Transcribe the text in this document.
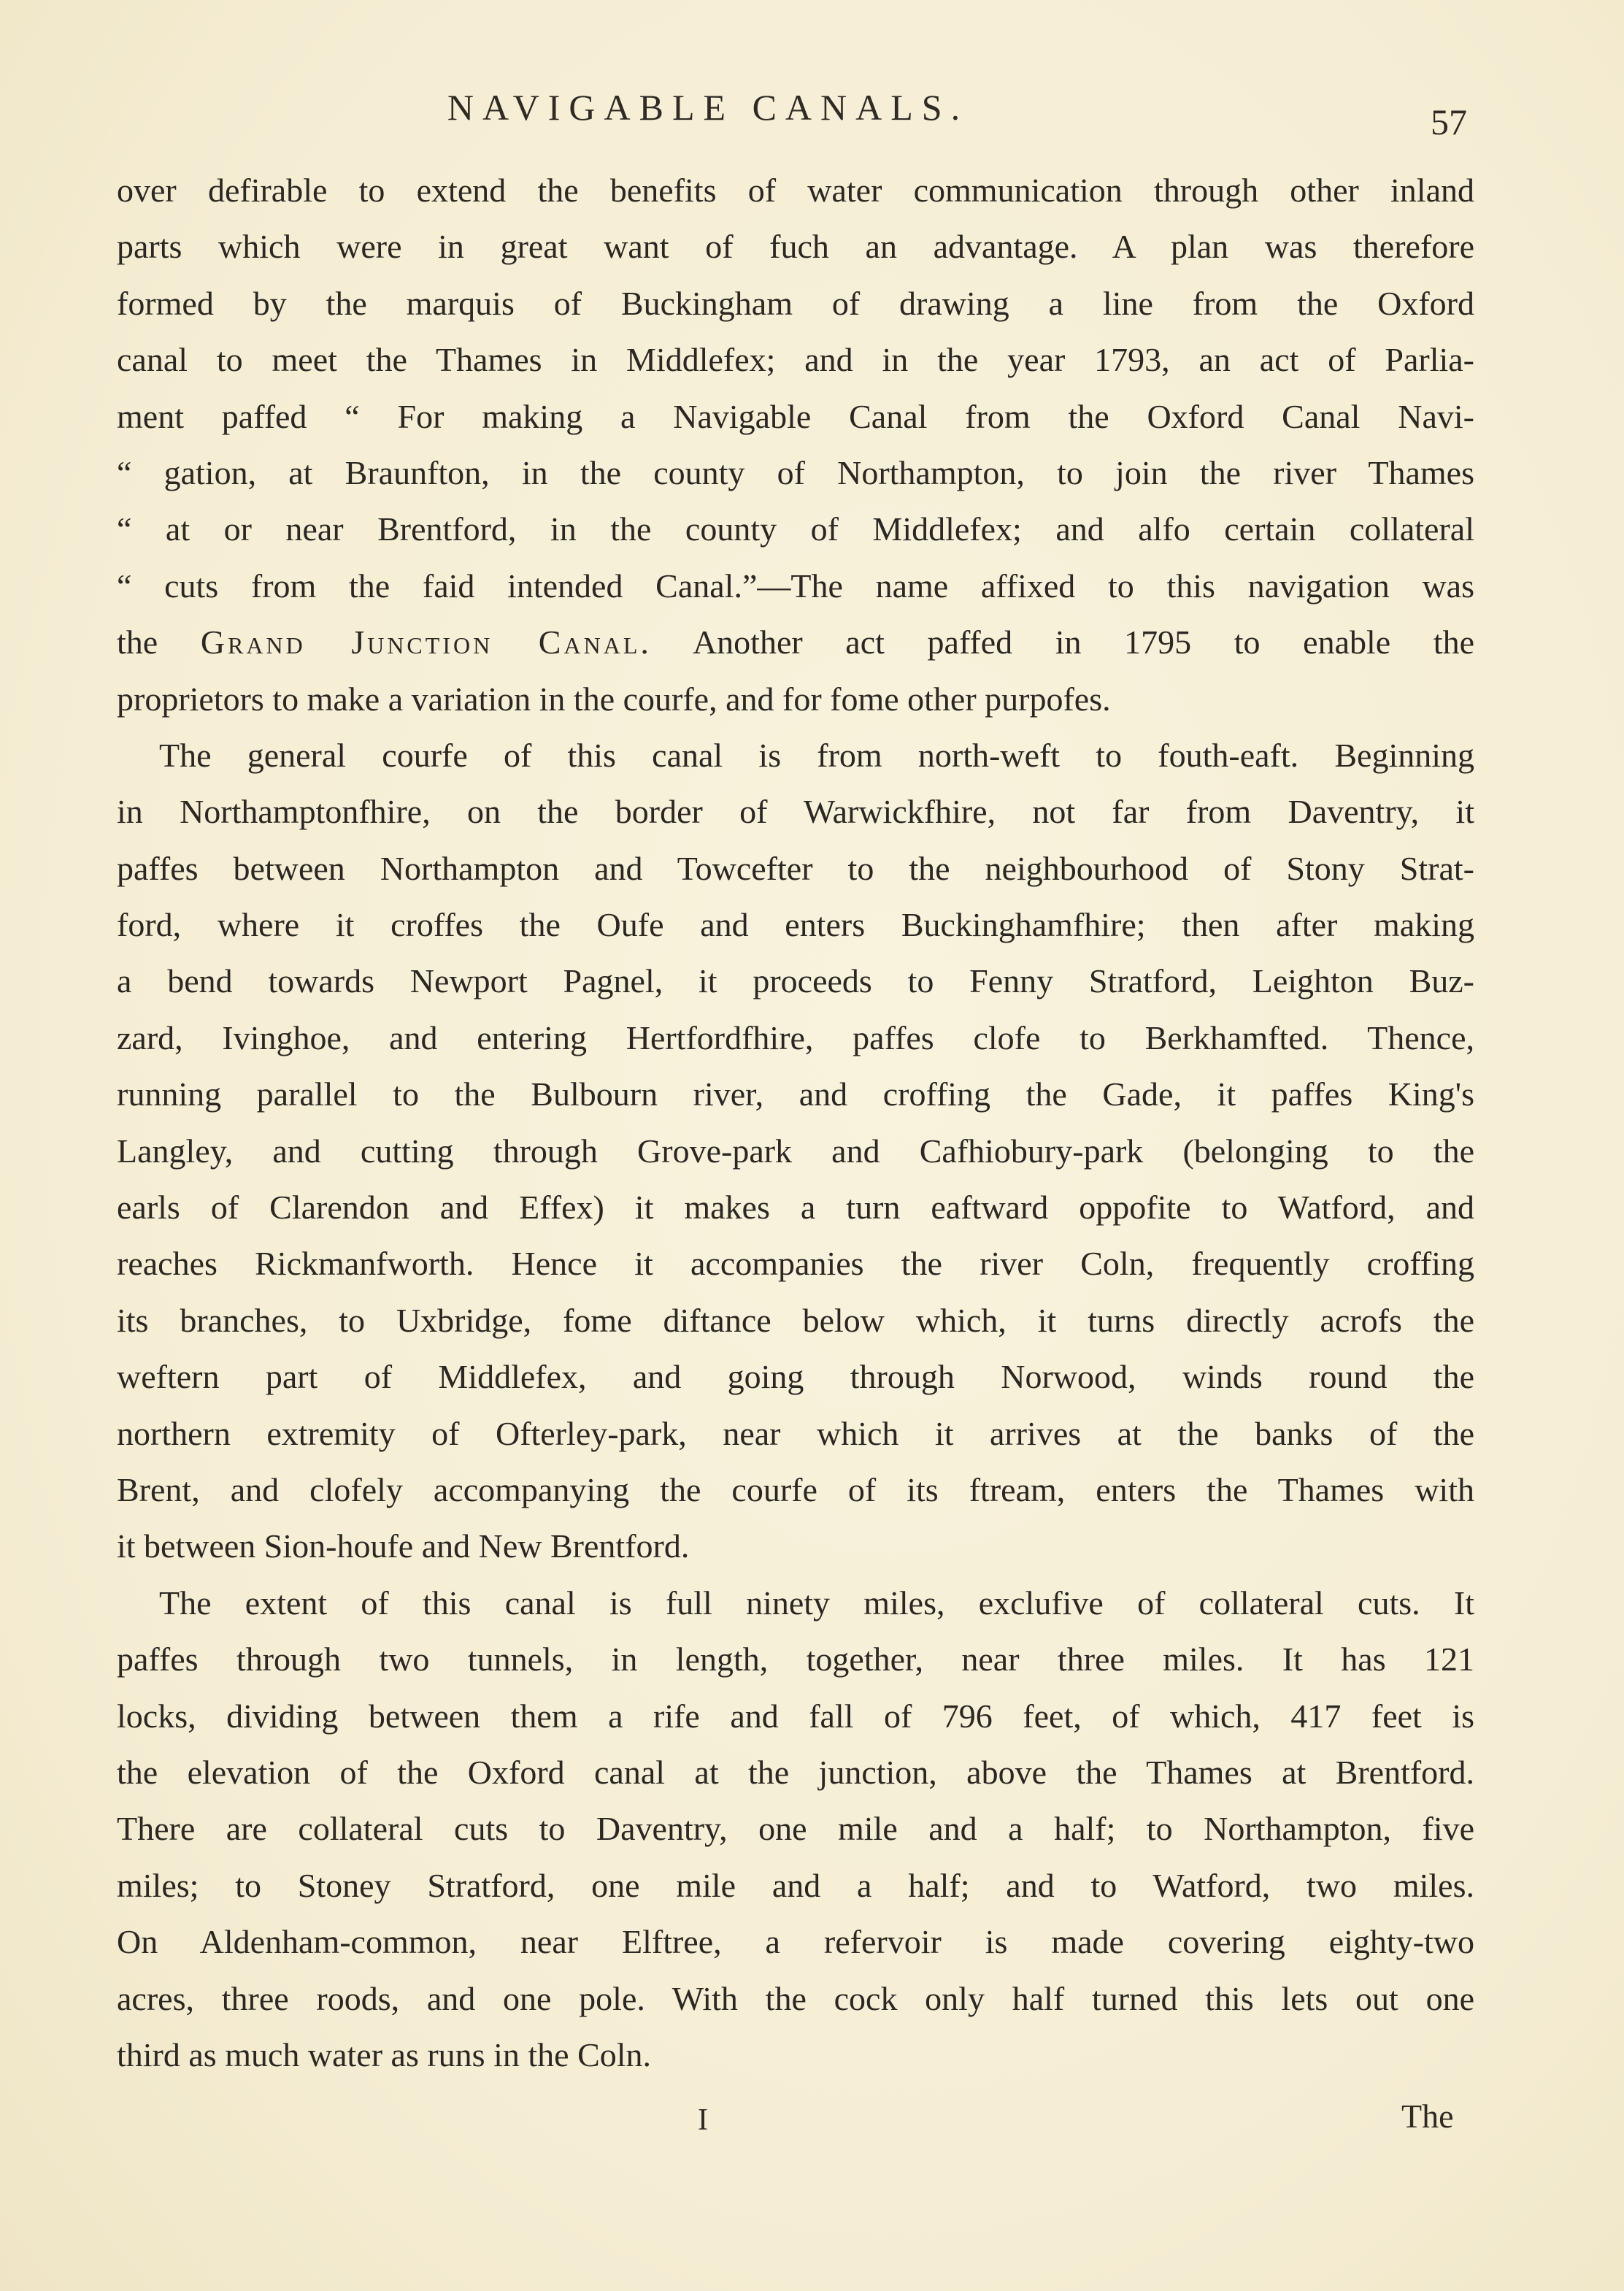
NAVIGABLE CANALS.	57
over defirable to extend the benefits of water communication through other inland
parts which were in great want of fuch an advantage. A plan was therefore
formed by the marquis of Buckingham of drawing a line from the Oxford
canal to meet the Thames in Middlefex; and in the year 1793, an act of Parlia-
ment paffed “ For making a Navigable Canal from the Oxford Canal Navi-
“ gation, at Braunfton, in the county of Northampton, to join the river Thames
“ at or near Brentford, in the county of Middlefex; and alfo certain collateral
“ cuts from the faid intended Canal.”—The name affixed to this navigation was
the Grand Junction Canal. Another act paffed in 1795 to enable the
proprietors to make a variation in the courfe, and for fome other purpofes.
The general courfe of this canal is from north-weft to fouth-eaft. Beginning
in Northamptonfhire, on the border of Warwickfhire, not far from Daventry, it
paffes between Northampton and Towcefter to the neighbourhood of Stony Strat-
ford, where it croffes the Oufe and enters Buckinghamfhire; then after making
a bend towards Newport Pagnel, it proceeds to Fenny Stratford, Leighton Buz-
zard, Ivinghoe, and entering Hertfordfhire, paffes clofe to Berkhamfted. Thence,
running parallel to the Bulbourn river, and croffing the Gade, it paffes King's
Langley, and cutting through Grove-park and Cafhiobury-park (belonging to the
earls of Clarendon and Effex) it makes a turn eaftward oppofite to Watford, and
reaches Rickmanfworth. Hence it accompanies the river Coln, frequently croffing
its branches, to Uxbridge, fome diftance below which, it turns directly acrofs the
weftern part of Middlefex, and going through Norwood, winds round the
northern extremity of Ofterley-park, near which it arrives at the banks of the
Brent, and clofely accompanying the courfe of its ftream, enters the Thames with
it between Sion-houfe and New Brentford.
The extent of this canal is full ninety miles, exclufive of collateral cuts. It
paffes through two tunnels, in length, together, near three miles. It has 121
locks, dividing between them a rife and fall of 796 feet, of which, 417 feet is
the elevation of the Oxford canal at the junction, above the Thames at Brentford.
There are collateral cuts to Daventry, one mile and a half; to Northampton, five
miles; to Stoney Stratford, one mile and a half; and to Watford, two miles.
On Aldenham-common, near Elftree, a refervoir is made covering eighty-two
acres, three roods, and one pole. With the cock only half turned this lets out one
third as much water as runs in the Coln.
I	The
